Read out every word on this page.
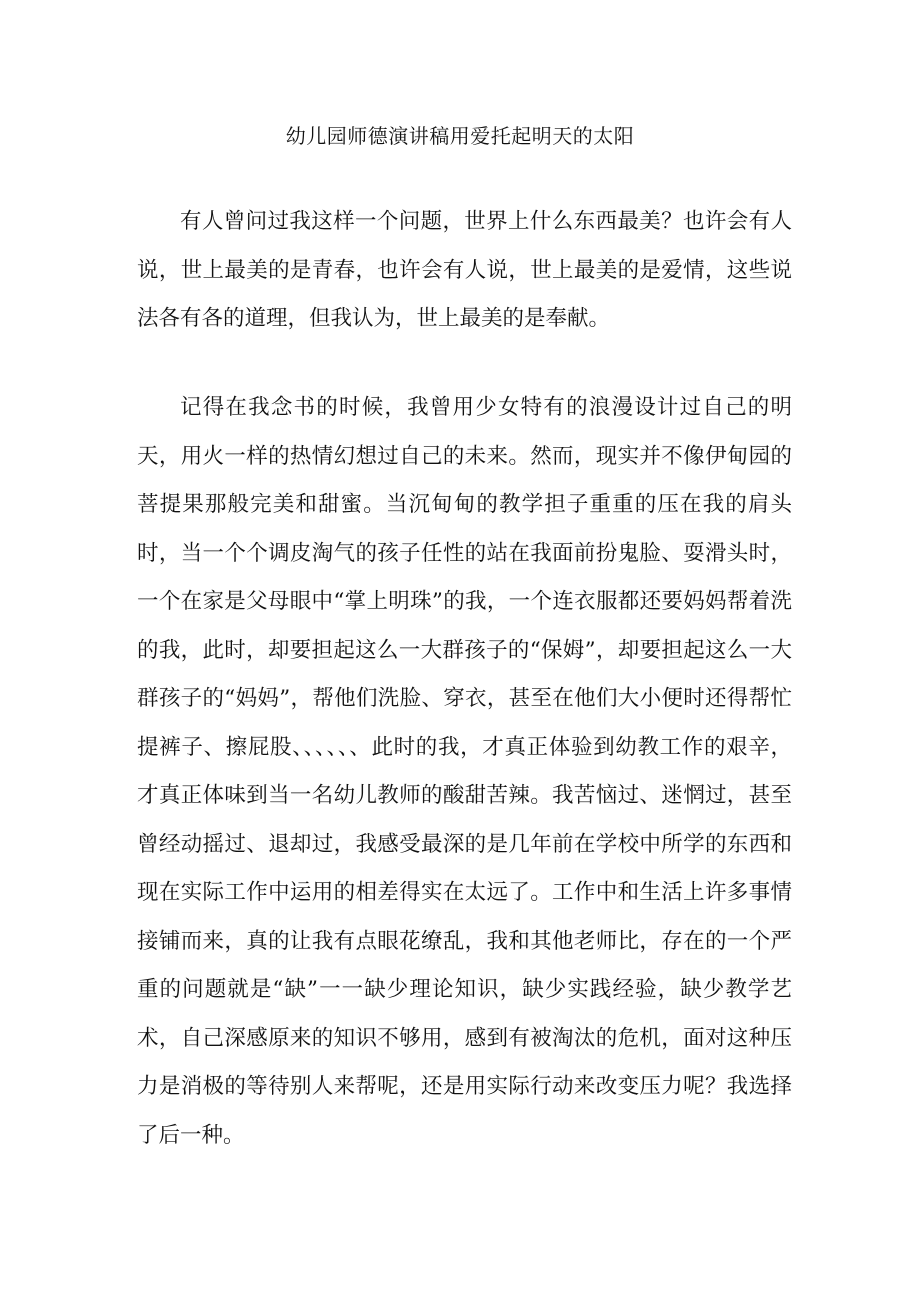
幼儿园师德演讲稿用爱托起明天的太阳

有人曾问过我这样一个问题，世界上什么东西最美？也许会有人说，世上最美的是青春，也许会有人说，世上最美的是爱情，这些说法各有各的道理，但我认为，世上最美的是奉献。

记得在我念书的时候，我曾用少女特有的浪漫设计过自己的明天，用火一样的热情幻想过自己的未来。然而，现实并不像伊甸园的菩提果那般完美和甜蜜。当沉甸甸的教学担子重重的压在我的肩头时，当一个个调皮淘气的孩子任性的站在我面前扮鬼脸、耍滑头时，一个在家是父母眼中“掌上明珠”的我，一个连衣服都还要妈妈帮着洗的我，此时，却要担起这么一大群孩子的“保姆”，却要担起这么一大群孩子的“妈妈”，帮他们洗脸、穿衣，甚至在他们大小便时还得帮忙提裤子、擦屁股、、、、、、此时的我，才真正体验到幼教工作的艰辛，才真正体味到当一名幼儿教师的酸甜苦辣。我苦恼过、迷惘过，甚至曾经动摇过、退却过，我感受最深的是几年前在学校中所学的东西和现在实际工作中运用的相差得实在太远了。工作中和生活上许多事情接铺而来，真的让我有点眼花缭乱，我和其他老师比，存在的一个严重的问题就是“缺”一一缺少理论知识，缺少实践经验，缺少教学艺术，自己深感原来的知识不够用，感到有被淘汰的危机，面对这种压力是消极的等待别人来帮呢，还是用实际行动来改变压力呢？我选择了后一种。
